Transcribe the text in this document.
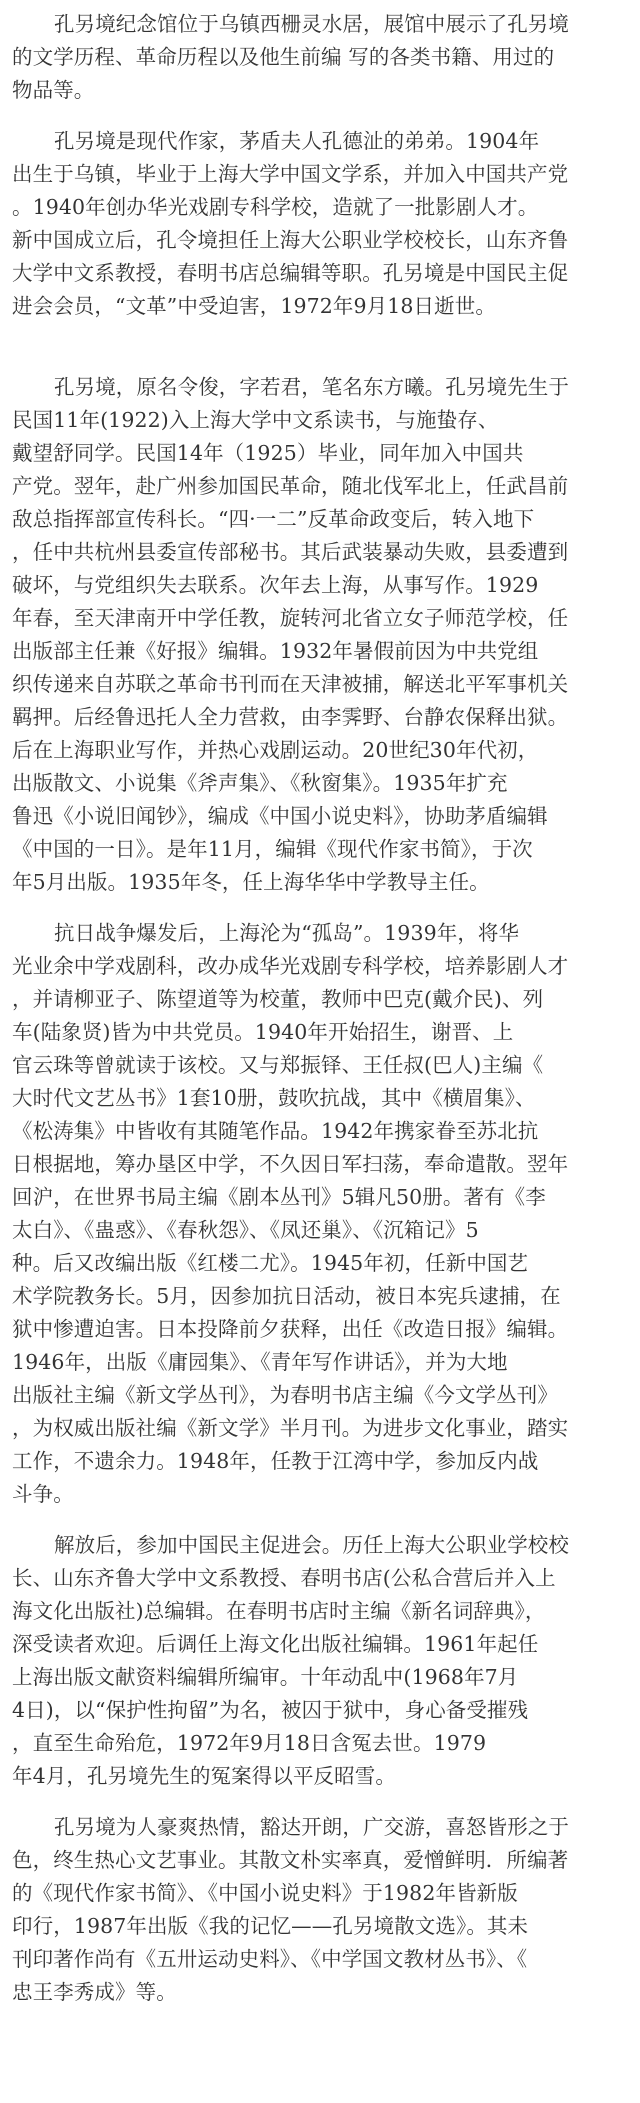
孔另境纪念馆位于乌镇西栅灵水居，展馆中展示了孔另境
的文学历程、革命历程以及他生前编 写的各类书籍、用过的
物品等。

孔另境是现代作家，茅盾夫人孔德沚的弟弟。1904年
出生于乌镇，毕业于上海大学中国文学系，并加入中国共产党
。1940年创办华光戏剧专科学校，造就了一批影剧人才。
新中国成立后，孔令境担任上海大公职业学校校长，山东齐鲁
大学中文系教授，春明书店总编辑等职。孔另境是中国民主促
进会会员，“文革”中受迫害，1972年9月18日逝世。

孔另境，原名令俊，字若君，笔名东方曦。孔另境先生于
民国11年(1922)入上海大学中文系读书，与施蛰存、
戴望舒同学。民国14年（1925）毕业，同年加入中国共
产党。翌年，赴广州参加国民革命，随北伐军北上，任武昌前
敌总指挥部宣传科长。“四·一二”反革命政变后，转入地下
，任中共杭州县委宣传部秘书。其后武装暴动失败，县委遭到
破坏，与党组织失去联系。次年去上海，从事写作。1929
年春，至天津南开中学任教，旋转河北省立女子师范学校，任
出版部主任兼《好报》编辑。1932年暑假前因为中共党组
织传递来自苏联之革命书刊而在天津被捕，解送北平军事机关
羁押。后经鲁迅托人全力营救，由李霁野、台静农保释出狱。
后在上海职业写作，并热心戏剧运动。20世纪30年代初，
出版散文、小说集《斧声集》、《秋窗集》。1935年扩充
鲁迅《小说旧闻钞》，编成《中国小说史料》，协助茅盾编辑
《中国的一日》。是年11月，编辑《现代作家书简》，于次
年5月出版。1935年冬，任上海华华中学教导主任。

抗日战争爆发后，上海沦为“孤岛”。1939年，将华
光业余中学戏剧科，改办成华光戏剧专科学校，培养影剧人才
，并请柳亚子、陈望道等为校董，教师中巴克(戴介民)、列
车(陆象贤)皆为中共党员。1940年开始招生，谢晋、上
官云珠等曾就读于该校。又与郑振铎、王任叔(巴人)主编《
大时代文艺丛书》1套10册，鼓吹抗战，其中《横眉集》、
《松涛集》中皆收有其随笔作品。1942年携家眷至苏北抗
日根据地，筹办垦区中学，不久因日军扫荡，奉命遣散。翌年
回沪，在世界书局主编《剧本丛刊》5辑凡50册。著有《李
太白》、《蛊惑》、《春秋怨》、《凤还巢》、《沉箱记》5
种。后又改编出版《红楼二尤》。1945年初，任新中国艺
术学院教务长。5月，因参加抗日活动，被日本宪兵逮捕，在
狱中惨遭迫害。日本投降前夕获释，出任《改造日报》编辑。
1946年，出版《庸园集》、《青年写作讲话》，并为大地
出版社主编《新文学丛刊》，为春明书店主编《今文学丛刊》
，为权威出版社编《新文学》半月刊。为进步文化事业，踏实
工作，不遗余力。1948年，任教于江湾中学，参加反内战
斗争。

解放后，参加中国民主促进会。历任上海大公职业学校校
长、山东齐鲁大学中文系教授、春明书店(公私合营后并入上
海文化出版社)总编辑。在春明书店时主编《新名词辞典》，
深受读者欢迎。后调任上海文化出版社编辑。1961年起任
上海出版文献资料编辑所编审。十年动乱中(1968年7月
4日)，以“保护性拘留”为名，被囚于狱中，身心备受摧残
，直至生命殆危，1972年9月18日含冤去世。1979
年4月，孔另境先生的冤案得以平反昭雪。

孔另境为人豪爽热情，豁达开朗，广交游，喜怒皆形之于
色，终生热心文艺事业。其散文朴实率真，爱憎鲜明．所编著
的《现代作家书简》、《中国小说史料》于1982年皆新版
印行，1987年出版《我的记忆——孔另境散文选》。其未
刊印著作尚有《五卅运动史料》、《中学国文教材丛书》、《
忠王李秀成》等。
